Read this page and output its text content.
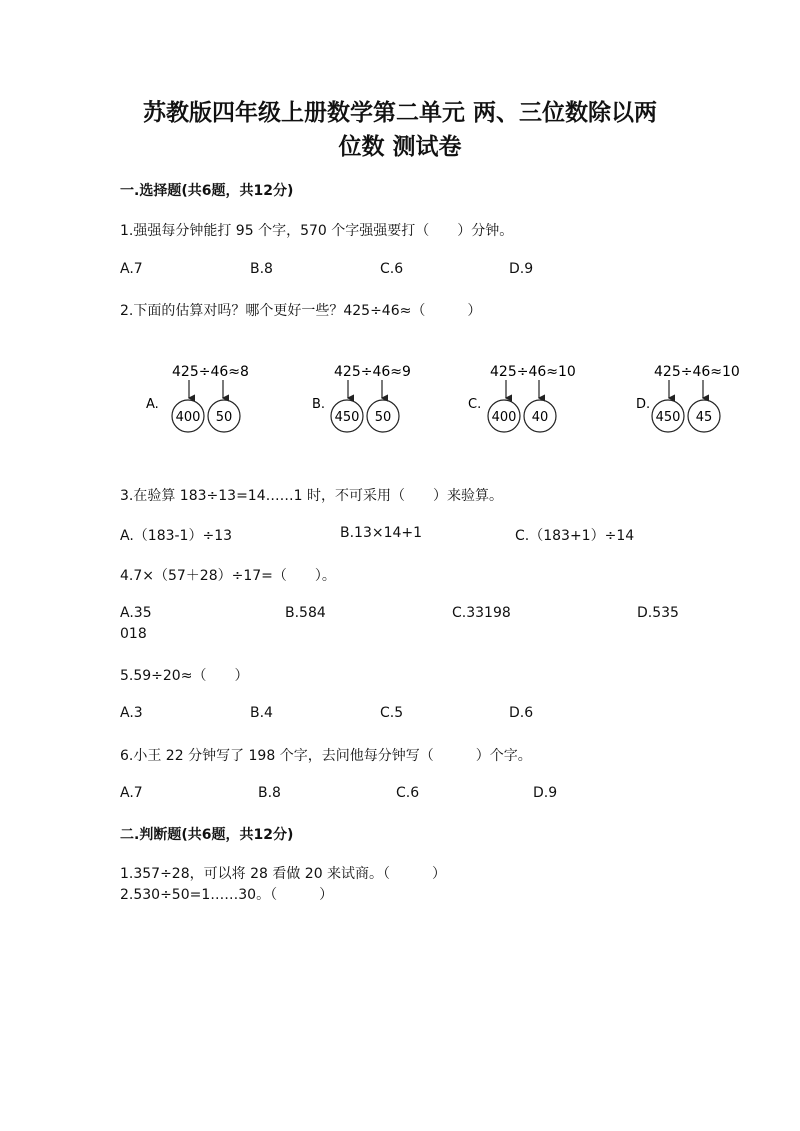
苏教版四年级上册数学第二单元 两、三位数除以两
位数 测试卷
一.选择题(共6题，共12分)
1.强强每分钟能打 95 个字，570 个字强强要打（　　）分钟。
A.7	B.8	C.6	D.9
2.下面的估算对吗？哪个更好一些？425÷46≈（　　　）
A.
425÷46≈8
400 50
B.
425÷46≈9
450 50
C.
425÷46≈10
400 40
D.
425÷46≈10
450 45
3.在验算 183÷13=14……1 时，不可采用（　　）来验算。
A.（183-1）÷13	B.13×14+1	C.（183+1）÷14
4.7×（57＋28）÷17=（　　）。
A.35	B.584	C.33198	D.535
018
5.59÷20≈（　　）
A.3	B.4	C.5	D.6
6.小王 22 分钟写了 198 个字，去问他每分钟写（　　　）个字。
A.7	B.8	C.6	D.9
二.判断题(共6题，共12分)
1.357÷28，可以将 28 看做 20 来试商。（　　　）
2.530÷50=1……30。（　　　）
